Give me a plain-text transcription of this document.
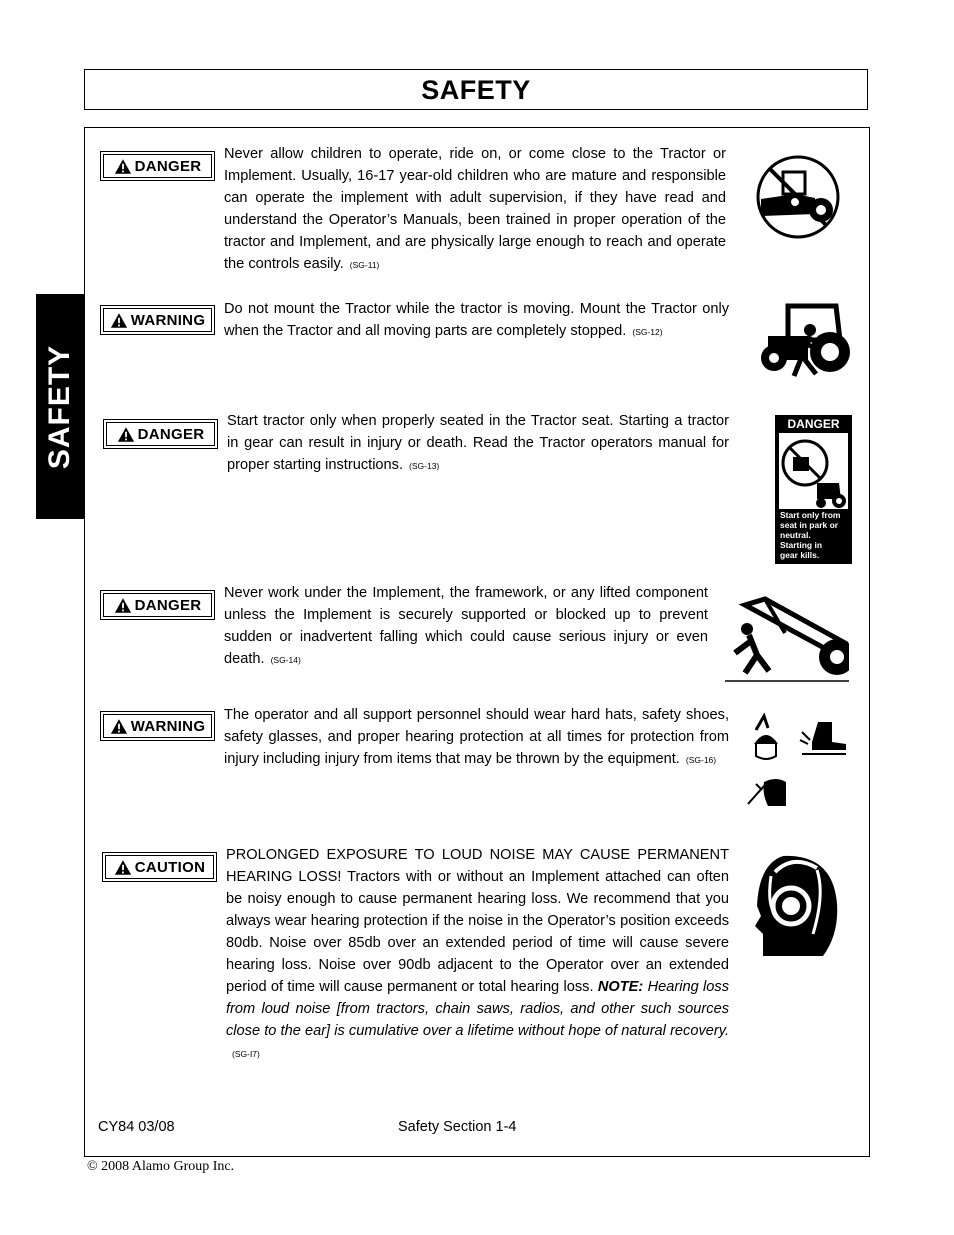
SAFETY
SAFETY
DANGER
Never allow children to operate, ride on, or come close to the Tractor or Implement. Usually, 16-17 year-old children who are mature and responsible can operate the implement with adult supervision, if they have read and understand the Operator’s Manuals, been trained in proper operation of the tractor and Implement, and are physically large enough to reach and operate the controls easily. (SG-11)
WARNING
Do not mount the Tractor while the tractor is moving. Mount the Tractor only when the Tractor and all moving parts are completely stopped. (SG-12)
DANGER
Start tractor only when properly seated in the Tractor seat. Starting a tractor in gear can result in injury or death. Read the Tractor operators manual for proper starting instructions. (SG-13)
DANGER
Start only from
seat in park or
neutral.
Starting in
gear kills.
DANGER
Never work under the Implement, the framework, or any lifted component unless the Implement is securely supported or blocked up to prevent sudden or inadvertent falling which could cause serious injury or even death. (SG-14)
WARNING
The operator and all support personnel should wear hard hats, safety shoes, safety glasses, and proper hearing protection at all times for protection from injury including injury from items that may be thrown by the equipment. (SG-16)
CAUTION
PROLONGED EXPOSURE TO LOUD NOISE MAY CAUSE PERMANENT HEARING LOSS! Tractors with or without an Implement attached can often be noisy enough to cause permanent hearing loss. We recommend that you always wear hearing protection if the noise in the Operator’s position exceeds 80db. Noise over 85db over an extended period of time will cause severe hearing loss. Noise over 90db adjacent to the Operator over an extended period of time will cause permanent or total hearing loss. NOTE: Hearing loss from loud noise [from tractors, chain saws, radios, and other such sources close to the ear] is cumulative over a lifetime without hope of natural recovery.(SG-I7)
CY84 03/08	Safety Section 1-4
© 2008 Alamo Group Inc.
